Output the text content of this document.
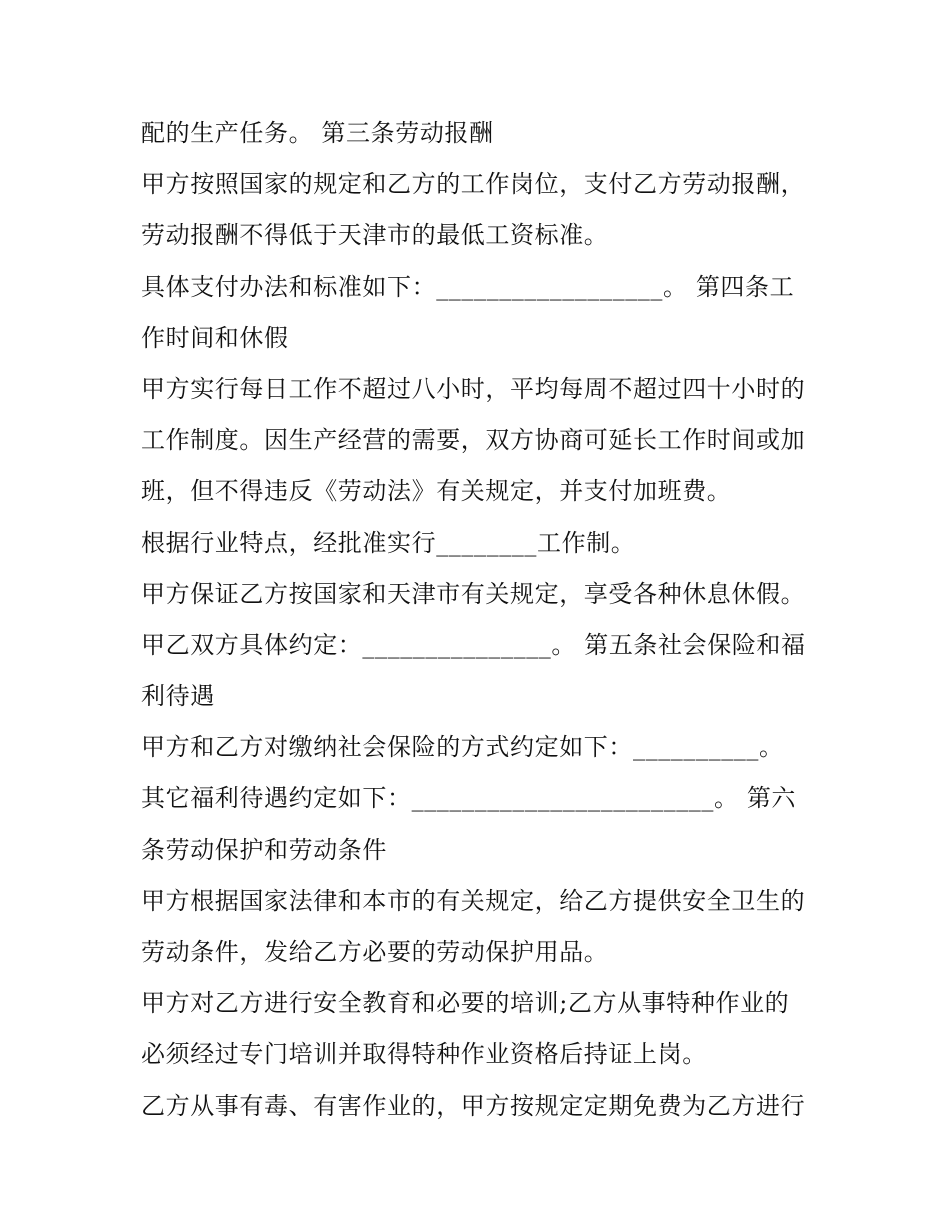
配的生产任务。 第三条劳动报酬
甲方按照国家的规定和乙方的工作岗位，支付乙方劳动报酬，
劳动报酬不得低于天津市的最低工资标准。
具体支付办法和标准如下：__________________。 第四条工
作时间和休假
甲方实行每日工作不超过八小时，平均每周不超过四十小时的
工作制度。因生产经营的需要，双方协商可延长工作时间或加
班，但不得违反《劳动法》有关规定，并支付加班费。
根据行业特点，经批准实行________工作制。
甲方保证乙方按国家和天津市有关规定，享受各种休息休假。
甲乙双方具体约定：_______________。 第五条社会保险和福
利待遇
甲方和乙方对缴纳社会保险的方式约定如下：__________。
其它福利待遇约定如下：________________________。 第六
条劳动保护和劳动条件
甲方根据国家法律和本市的有关规定，给乙方提供安全卫生的
劳动条件，发给乙方必要的劳动保护用品。
甲方对乙方进行安全教育和必要的培训;乙方从事特种作业的
必须经过专门培训并取得特种作业资格后持证上岗。
乙方从事有毒、有害作业的，甲方按规定定期免费为乙方进行
